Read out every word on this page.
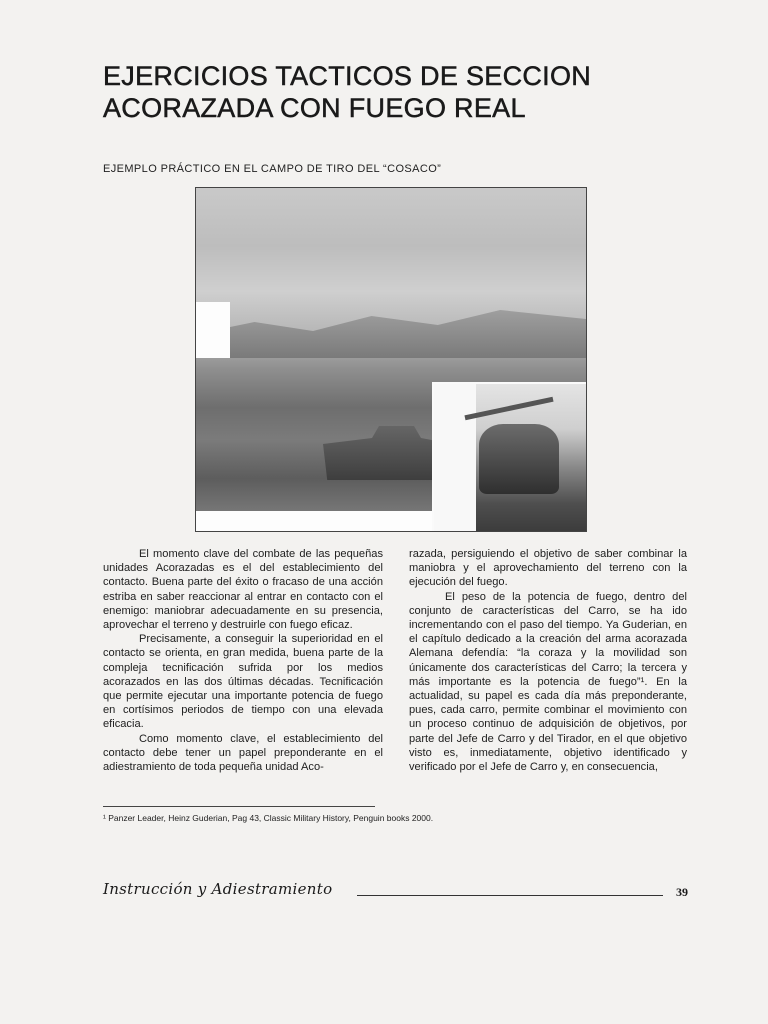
EJERCICIOS TACTICOS DE SECCION
ACORAZADA CON FUEGO REAL
EJEMPLO PRÁCTICO EN EL CAMPO DE TIRO DEL “COSACO”

El momento clave del combate de las pequeñas unidades Acorazadas es el del establecimiento del contacto. Buena parte del éxito o fracaso de una acción estriba en saber reaccionar al entrar en contacto con el enemigo: maniobrar adecuadamente en su presencia, aprovechar el terreno y destruirle con fuego eficaz.

Precisamente, a conseguir la superioridad en el contacto se orienta, en gran medida, buena parte de la compleja tecnificación sufrida por los medios acorazados en las dos últimas décadas. Tecnificación que permite ejecutar una importante potencia de fuego en cortísimos periodos de tiempo con una elevada eficacia.

Como momento clave, el establecimiento del contacto debe tener un papel preponderante en el adiestramiento de toda pequeña unidad Aco-

razada, persiguiendo el objetivo de saber combinar la maniobra y el aprovechamiento del terreno con la ejecución del fuego.

El peso de la potencia de fuego, dentro del conjunto de características del Carro, se ha ido incrementando con el paso del tiempo. Ya Guderian, en el capítulo dedicado a la creación del arma acorazada Alemana defendía: “la coraza y la movilidad son únicamente dos características del Carro; la tercera y más importante es la potencia de fuego”¹. En la actualidad, su papel es cada día más preponderante, pues, cada carro, permite combinar el movimiento con un proceso continuo de adquisición de objetivos, por parte del Jefe de Carro y del Tirador, en el que objetivo visto es, inmediatamente, objetivo identificado y verificado por el Jefe de Carro y, en consecuencia,

¹ Panzer Leader, Heinz Guderian, Pag 43, Classic Military History, Penguin books 2000.
Instrucción y Adiestramiento	39
